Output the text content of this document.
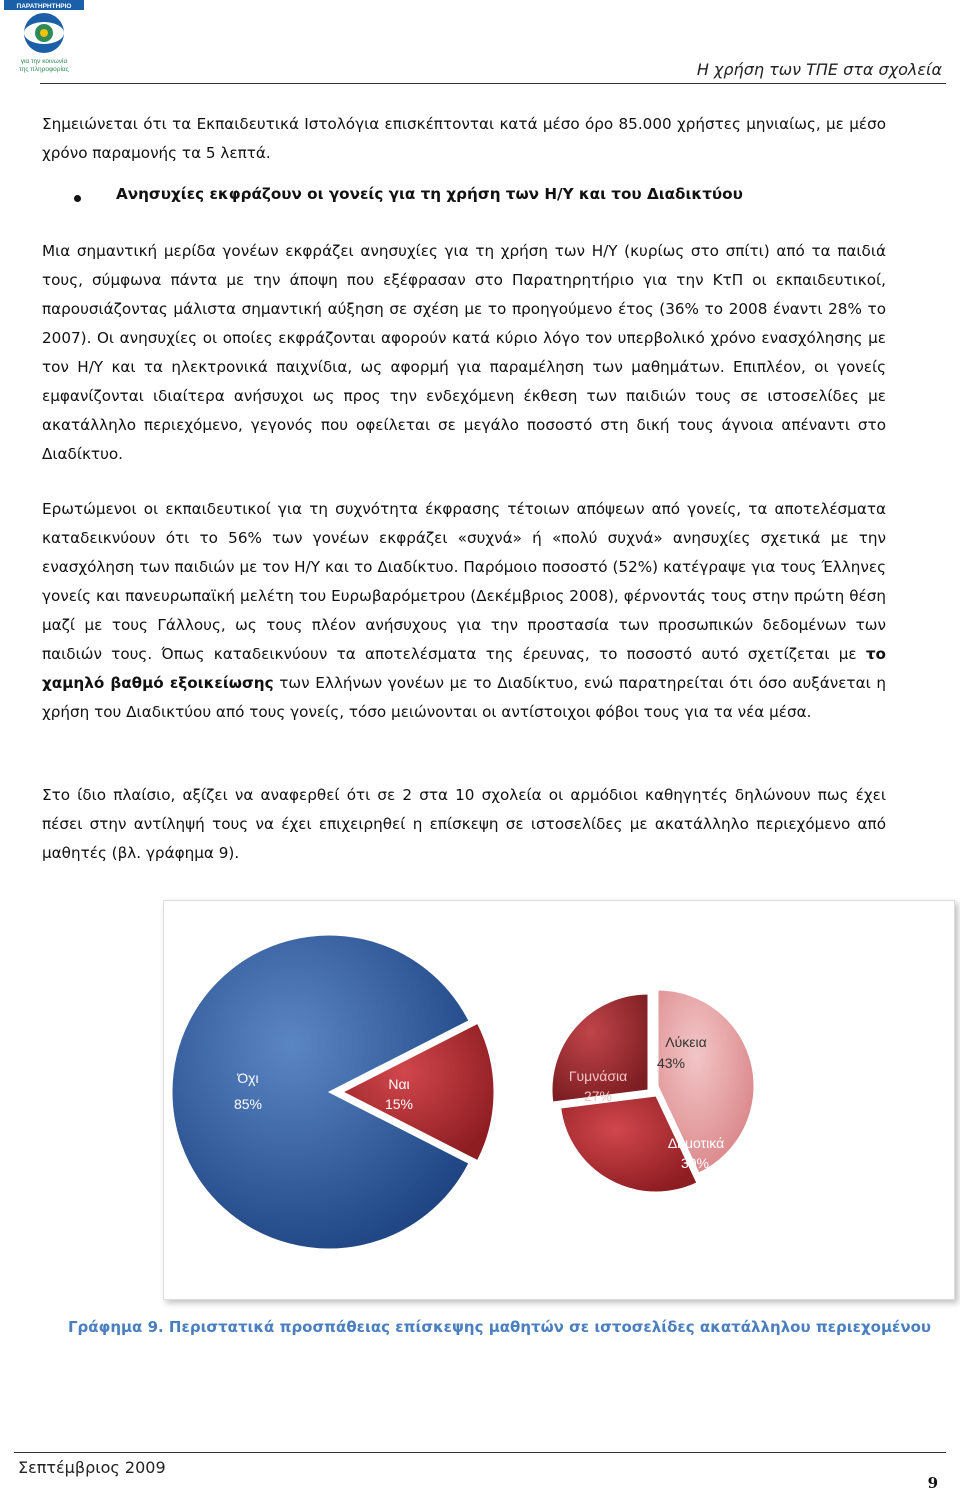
ΠΑΡΑΤΗΡΗΤΗΡΙΟ
για την κοινωνία
της πληροφορίας	Η χρήση των ΤΠΕ στα σχολεία

Σημειώνεται ότι τα Εκπαιδευτικά Ιστολόγια επισκέπτονται κατά μέσο όρο 85.000 χρήστες μηνιαίως, με μέσο χρόνο παραμονής τα 5 λεπτά.

Ανησυχίες εκφράζουν οι γονείς για τη χρήση των Η/Υ και του Διαδικτύου

Μια σημαντική μερίδα γονέων εκφράζει ανησυχίες για τη χρήση των Η/Υ (κυρίως στο σπίτι) από τα παιδιά τους, σύμφωνα πάντα με την άποψη που εξέφρασαν στο Παρατηρητήριο για την ΚτΠ οι εκπαιδευτικοί, παρουσιάζοντας μάλιστα σημαντική αύξηση σε σχέση με το προηγούμενο έτος (36% το 2008 έναντι 28% το 2007). Οι ανησυχίες οι οποίες εκφράζονται αφορούν κατά κύριο λόγο τον υπερβολικό χρόνο ενασχόλησης με τον Η/Υ και τα ηλεκτρονικά παιχνίδια, ως αφορμή για παραμέληση των μαθημάτων. Επιπλέον, οι γονείς εμφανίζονται ιδιαίτερα ανήσυχοι ως προς την ενδεχόμενη έκθεση των παιδιών τους σε ιστοσελίδες με ακατάλληλο περιεχόμενο, γεγονός που οφείλεται σε μεγάλο ποσοστό στη δική τους άγνοια απέναντι στο Διαδίκτυο.

Ερωτώμενοι οι εκπαιδευτικοί για τη συχνότητα έκφρασης τέτοιων απόψεων από γονείς, τα αποτελέσματα καταδεικνύουν ότι το 56% των γονέων εκφράζει «συχνά» ή «πολύ συχνά» ανησυχίες σχετικά με την ενασχόληση των παιδιών με τον Η/Υ και το Διαδίκτυο. Παρόμοιο ποσοστό (52%) κατέγραψε για τους Έλληνες γονείς και πανευρωπαϊκή μελέτη του Ευρωβαρόμετρου (Δεκέμβριος 2008), φέρνοντάς τους στην πρώτη θέση μαζί με τους Γάλλους, ως τους πλέον ανήσυχους για την προστασία των προσωπικών δεδομένων των παιδιών τους. Όπως καταδεικνύουν τα αποτελέσματα της έρευνας, το ποσοστό αυτό σχετίζεται με το χαμηλό βαθμό εξοικείωσης των Ελλήνων γονέων με το Διαδίκτυο, ενώ παρατηρείται ότι όσο αυξάνεται η χρήση του Διαδικτύου από τους γονείς, τόσο μειώνονται οι αντίστοιχοι φόβοι τους για τα νέα μέσα.

Στο ίδιο πλαίσιο, αξίζει να αναφερθεί ότι σε 2 στα 10 σχολεία οι αρμόδιοι καθηγητές δηλώνουν πως έχει πέσει στην αντίληψή τους να έχει επιχειρηθεί η επίσκεψη σε ιστοσελίδες με ακατάλληλο περιεχόμενο από μαθητές (βλ. γράφημα 9).

Όχι
85%
Ναι
15%
Λύκεια
43%
Δημοτικά
30%
Γυμνάσια
27%
Γράφημα 9. Περιστατικά προσπάθειας επίσκεψης μαθητών σε ιστοσελίδες ακατάλληλου περιεχομένου
Σεπτέμβριος 2009
9
